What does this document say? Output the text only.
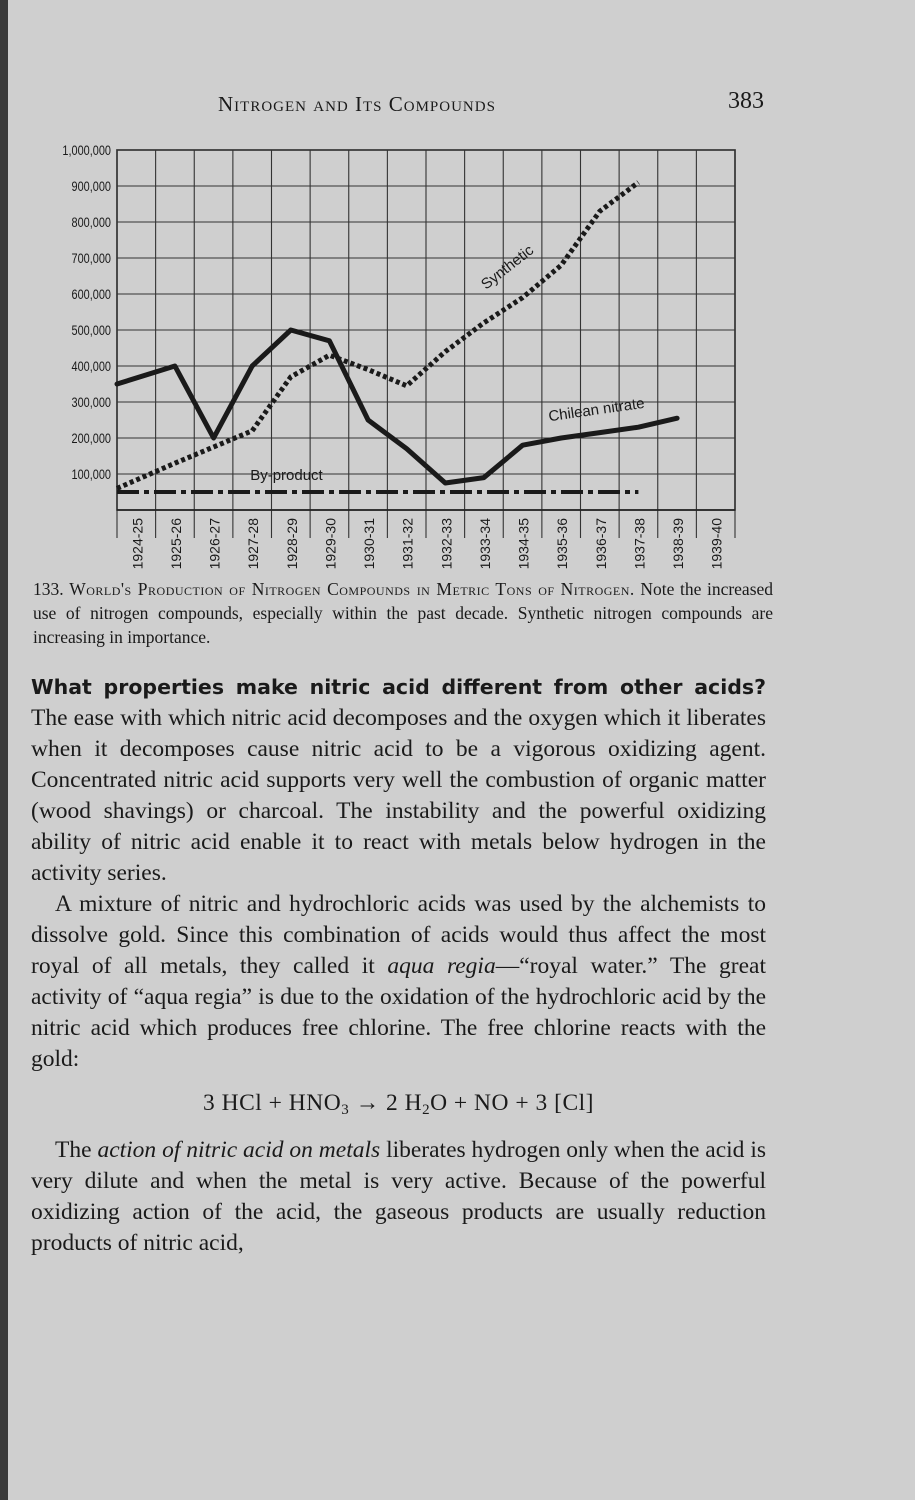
Nitrogen and Its Compounds	383
1,000,000
900,000
800,000
700,000
600,000
500,000
400,000
300,000
200,000
100,000
1924-25 1925-26 1926-27 1927-28 1928-29 1929-30 1930-31 1931-32 1932-33 1933-34 1934-35 1935-36 1936-37 1937-38 1938-39 1939-40
Synthetic
Chilean nitrate
By-product
133. World's Production of Nitrogen Compounds in Metric Tons of Nitrogen. Note the increased use of nitrogen compounds, especially within the past decade. Synthetic nitrogen compounds are increasing in importance.

What properties make nitric acid different from other acids? The ease with which nitric acid decomposes and the oxygen which it liberates when it decomposes cause nitric acid to be a vigorous oxidizing agent. Concentrated nitric acid supports very well the combustion of organic matter (wood shavings) or charcoal. The instability and the powerful oxidizing ability of nitric acid enable it to react with metals below hydrogen in the activity series.

A mixture of nitric and hydrochloric acids was used by the alchemists to dissolve gold. Since this combination of acids would thus affect the most royal of all metals, they called it aqua regia—“royal water.” The great activity of “aqua regia” is due to the oxidation of the hydrochloric acid by the nitric acid which produces free chlorine. The free chlorine reacts with the gold:

3 HCl + $HNO_3 \to 2$ $H_2O$ + NO + 3 [Cl]

The action of nitric acid on metals liberates hydrogen only when the acid is very dilute and when the metal is very active. Because of the powerful oxidizing action of the acid, the gaseous products are usually reduction products of nitric acid,
